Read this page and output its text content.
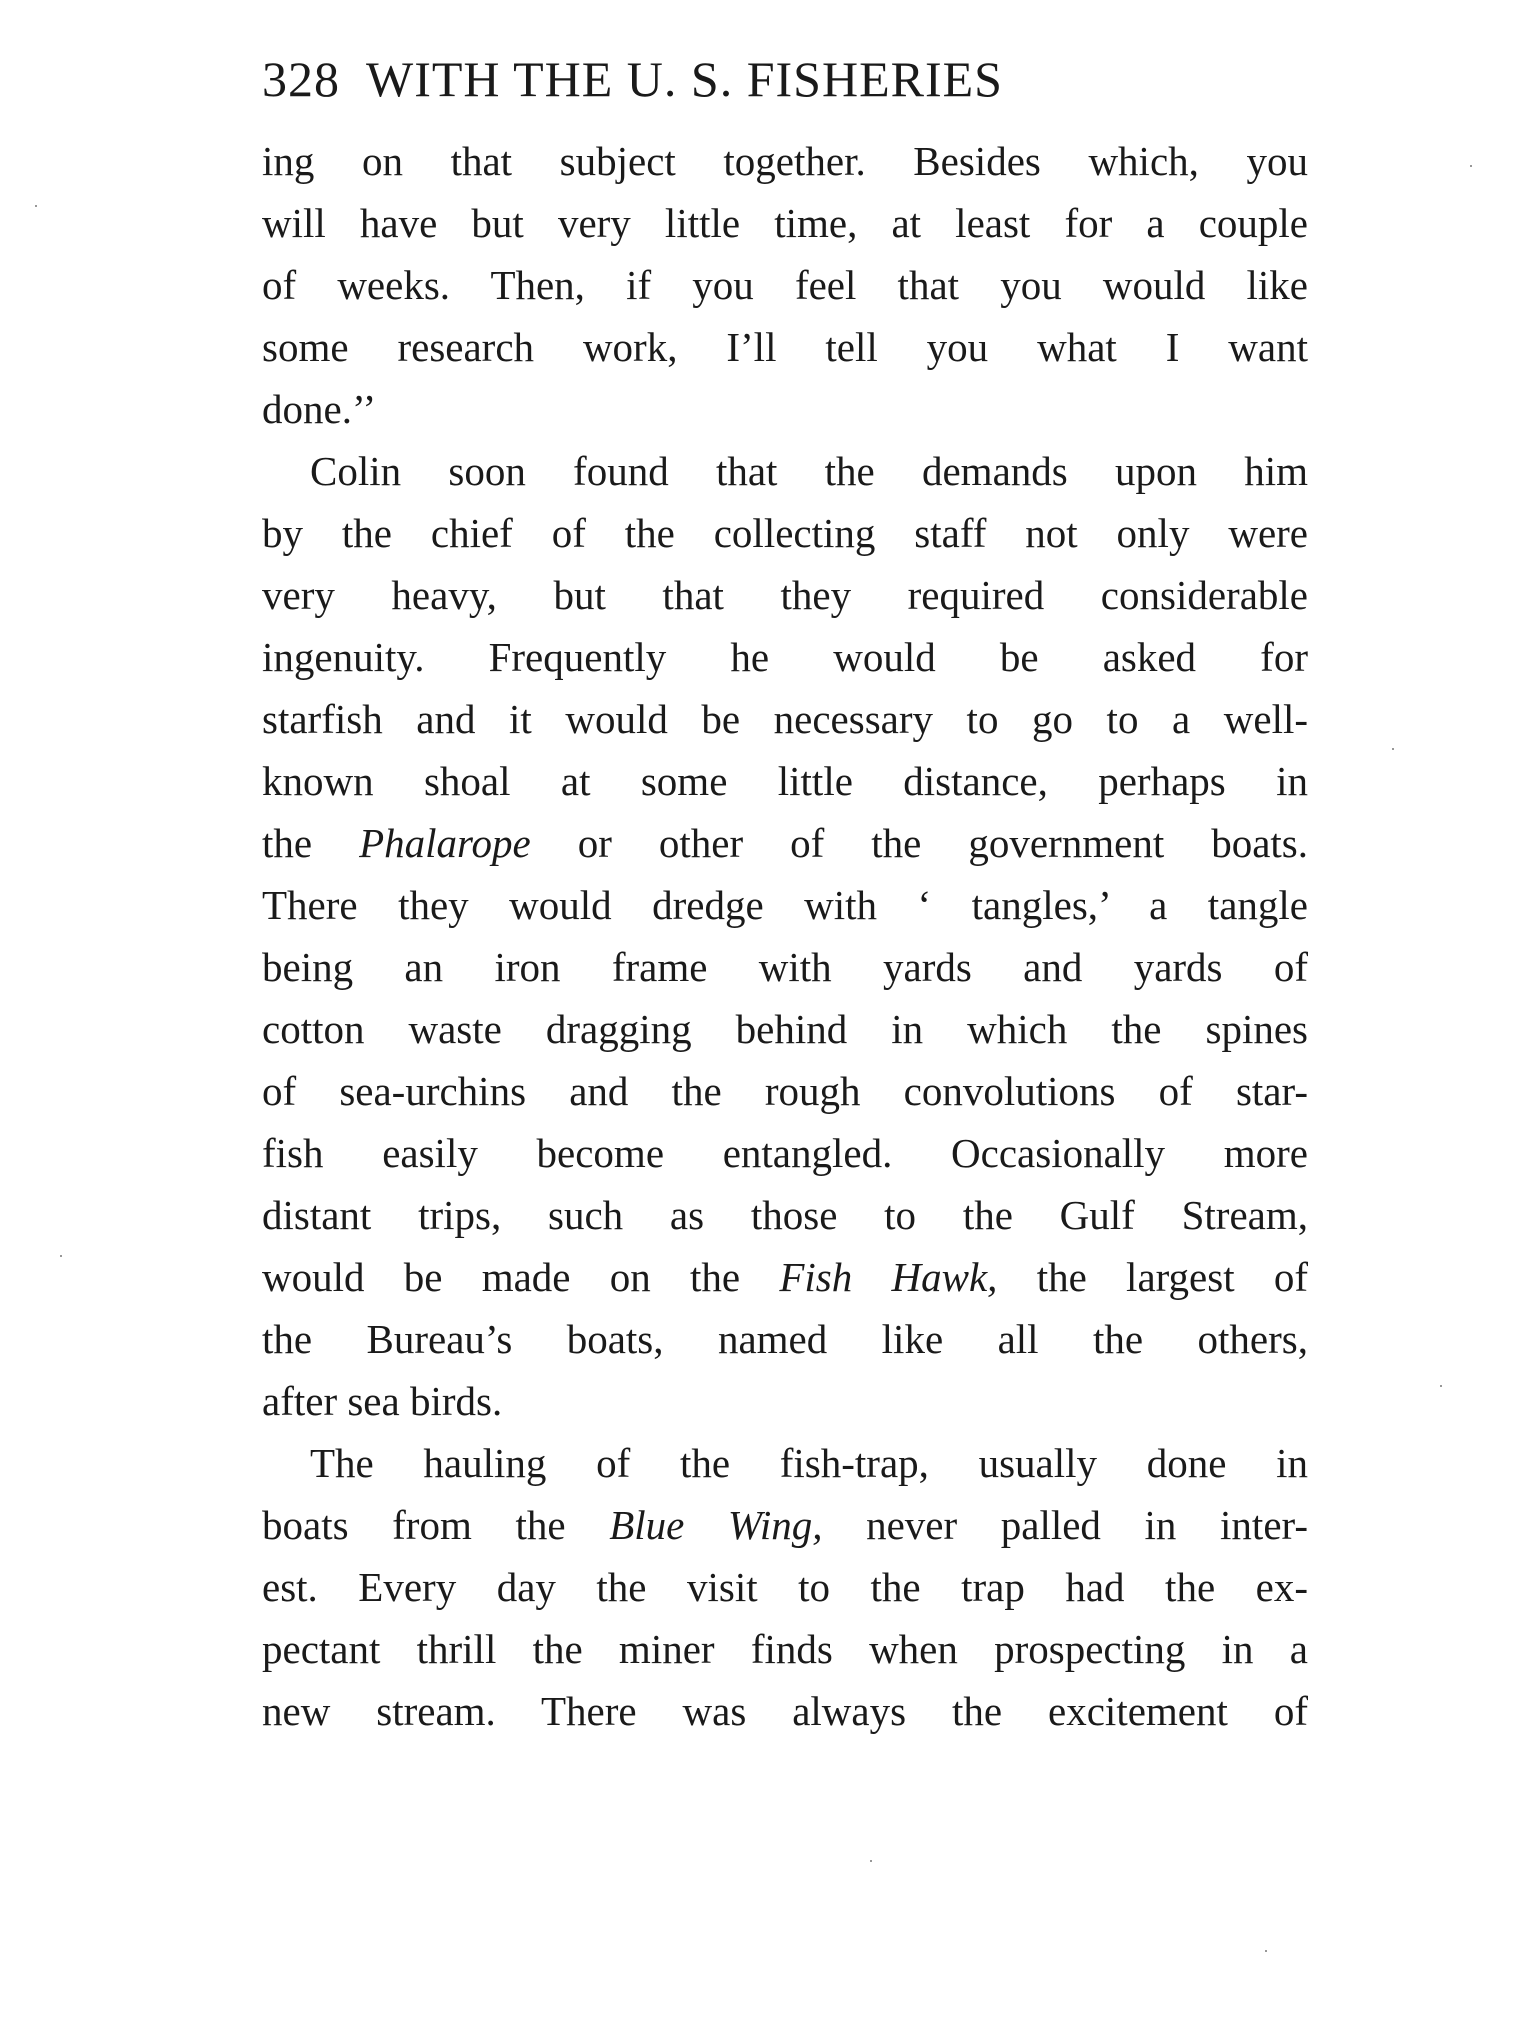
328 WITH THE U. S. FISHERIES
ing on that subject together. Besides which, you
will have but very little time, at least for a couple
of weeks. Then, if you feel that you would like
some research work, I’ll tell you what I want
done.’’
Colin soon found that the demands upon him
by the chief of the collecting staff not only were
very heavy, but that they required considerable
ingenuity. Frequently he would be asked for
starfish and it would be necessary to go to a well-
known shoal at some little distance, perhaps in
the Phalarope or other of the government boats.
There they would dredge with ‘ tangles,’ a tangle
being an iron frame with yards and yards of
cotton waste dragging behind in which the spines
of sea-urchins and the rough convolutions of star-
fish easily become entangled. Occasionally more
distant trips, such as those to the Gulf Stream,
would be made on the Fish Hawk, the largest of
the Bureau’s boats, named like all the others,
after sea birds.
The hauling of the fish-trap, usually done in
boats from the Blue Wing, never palled in inter-
est. Every day the visit to the trap had the ex-
pectant thrill the miner finds when prospecting in a
new stream. There was always the excitement of
